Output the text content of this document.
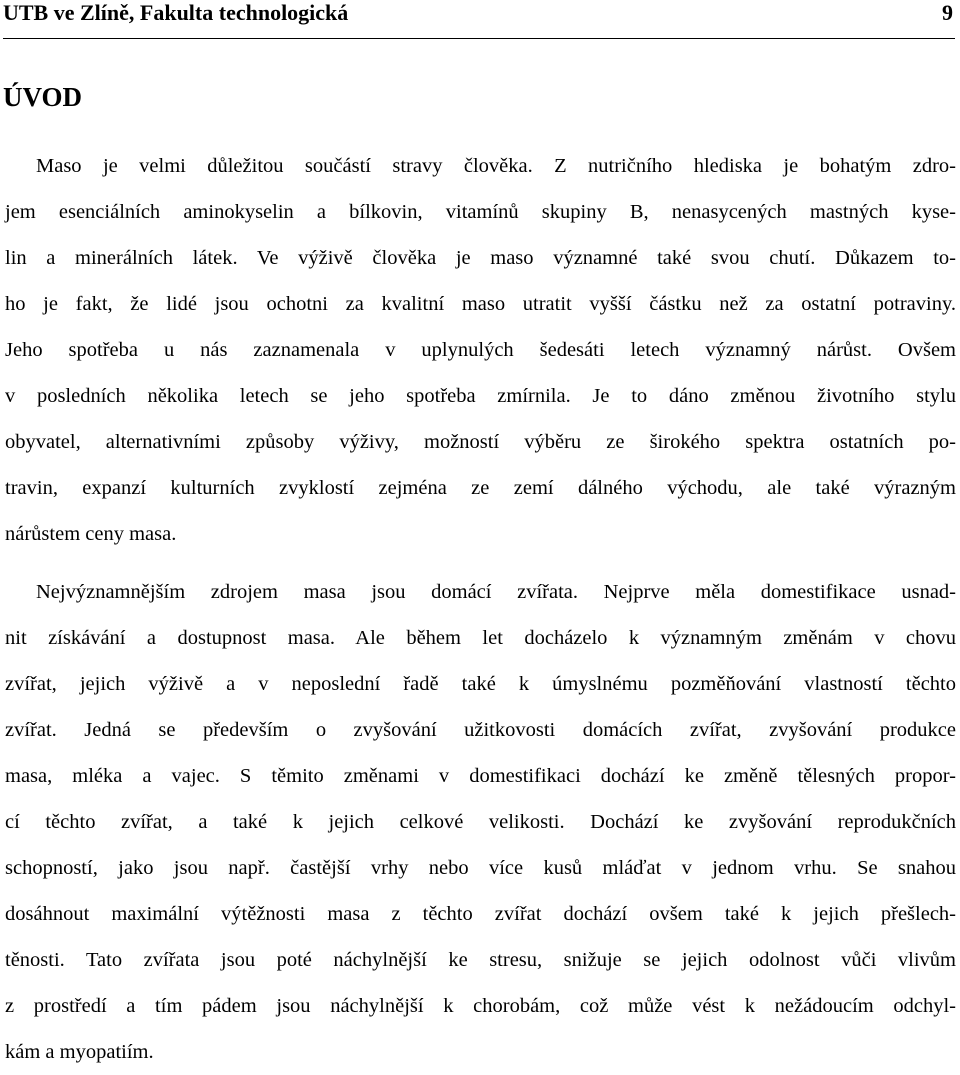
UTB ve Zlíně, Fakulta technologická	9
ÚVOD
Maso je velmi důležitou součástí stravy člověka. Z nutričního hlediska je bohatým zdro-
jem esenciálních aminokyselin a bílkovin, vitamínů skupiny B, nenasycených mastných kyse-
lin a minerálních látek. Ve výživě člověka je maso významné také svou chutí. Důkazem to-
ho je fakt, že lidé jsou ochotni za kvalitní maso utratit vyšší částku než za ostatní potraviny.
Jeho spotřeba u nás zaznamenala v uplynulých šedesáti letech významný nárůst. Ovšem
v posledních několika letech se jeho spotřeba zmírnila. Je to dáno změnou životního stylu
obyvatel, alternativními způsoby výživy, možností výběru ze širokého spektra ostatních po-
travin, expanzí kulturních zvyklostí zejména ze zemí dálného východu, ale také výrazným
nárůstem ceny masa.
Nejvýznamnějším zdrojem masa jsou domácí zvířata. Nejprve měla domestifikace usnad-
nit získávání a dostupnost masa. Ale během let docházelo k významným změnám v chovu
zvířat, jejich výživě a v neposlední řadě také k úmyslnému pozměňování vlastností těchto
zvířat. Jedná se především o zvyšování užitkovosti domácích zvířat, zvyšování produkce
masa, mléka a vajec. S těmito změnami v domestifikaci dochází ke změně tělesných propor-
cí těchto zvířat, a také k jejich celkové velikosti. Dochází ke zvyšování reprodukčních
schopností, jako jsou např. častější vrhy nebo více kusů mláďat v jednom vrhu. Se snahou
dosáhnout maximální výtěžnosti masa z těchto zvířat dochází ovšem také k jejich přešlech-
těnosti. Tato zvířata jsou poté náchylnější ke stresu, snižuje se jejich odolnost vůči vlivům
z prostředí a tím pádem jsou náchylnější k chorobám, což může vést k nežádoucím odchyl-
kám a myopatiím.
